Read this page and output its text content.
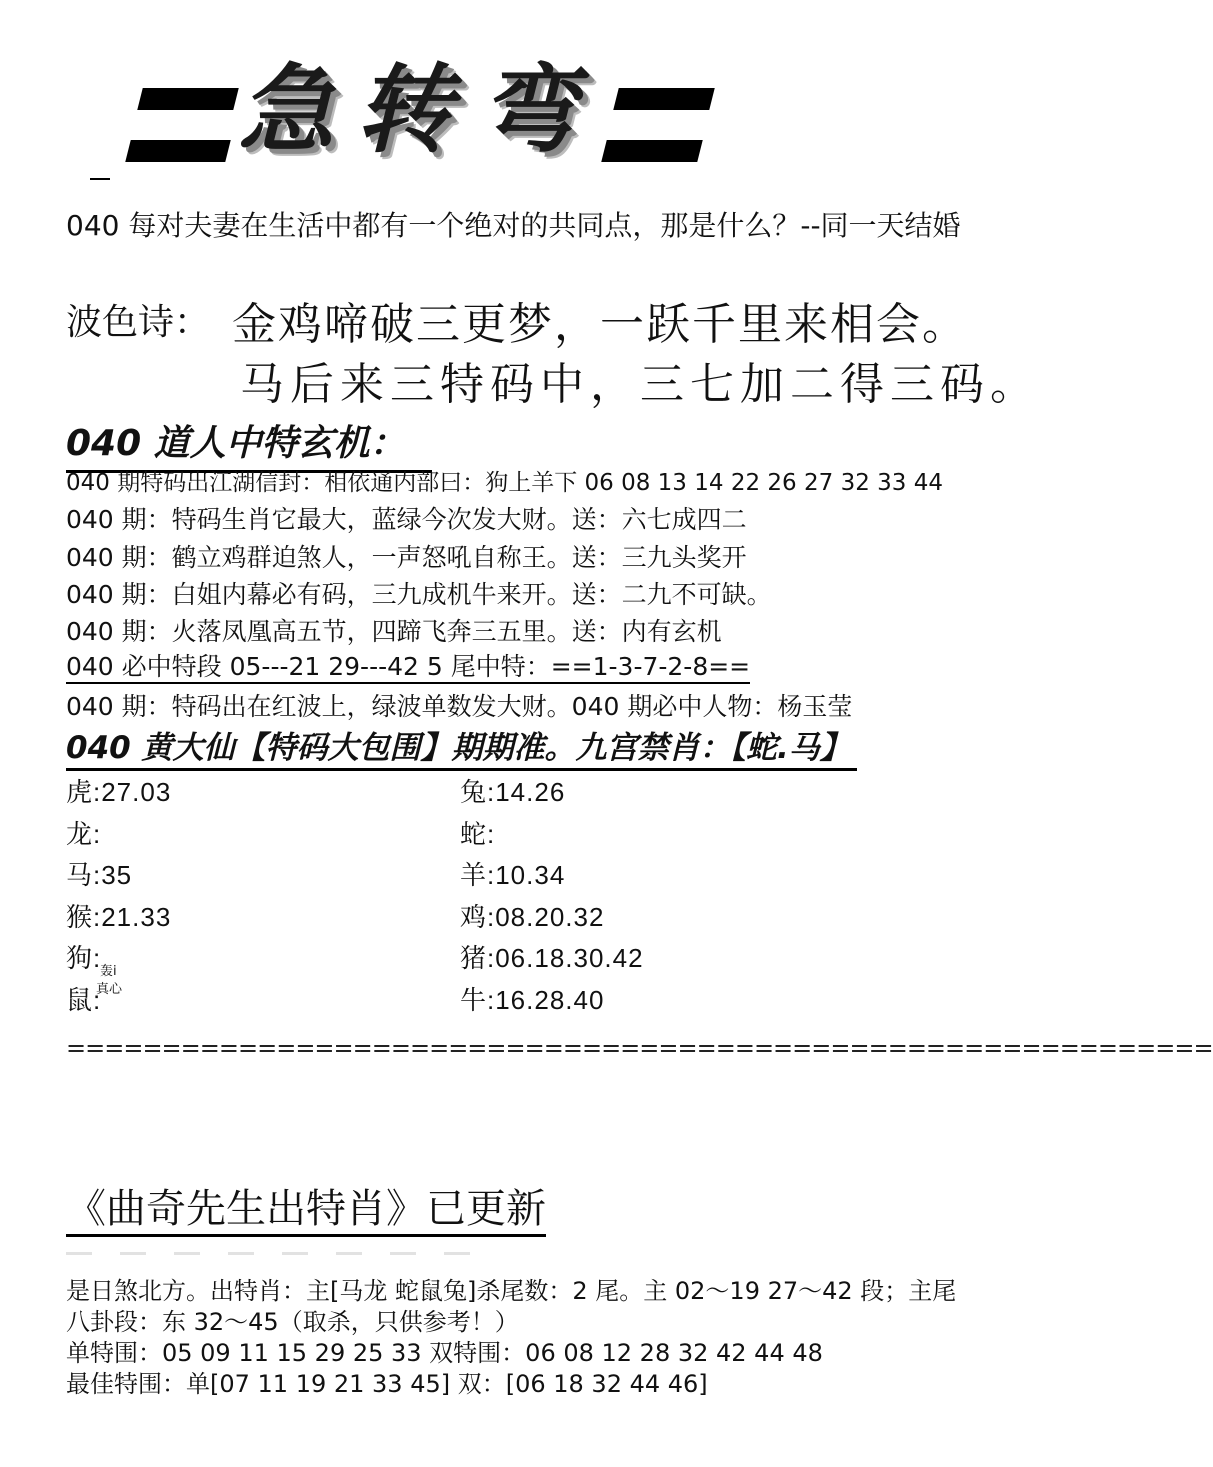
急 转 弯
040 每对夫妻在生活中都有一个绝对的共同点，那是什么？--同一天结婚
波色诗： 金鸡啼破三更梦，一跃千里来相会。
马后来三特码中，三七加二得三码。
040 道人中特玄机：
040 期特码出江湖信封：相依通内部曰：狗上羊下 06 08 13 14 22 26 27 32 33 44
040 期：特码生肖它最大，蓝绿今次发大财。送：六七成四二
040 期：鹤立鸡群迫煞人，一声怒吼自称王。送：三九头奖开
040 期：白姐内幕必有码，三九成机牛来开。送：二九不可缺。
040 期：火落凤凰高五节，四蹄飞奔三五里。送：内有玄机
040 必中特段 05---21 29---42 5 尾中特：==1-3-7-2-8==
040 期：特码出在红波上，绿波单数发大财。040 期必中人物：杨玉莹
040 黄大仙【特码大包围】期期准。九宫禁肖：【蛇.马】
虎:27.03
龙:
马:35
猴:21.33
狗:
鼠:
兔:14.26
蛇:
羊:10.34
鸡:08.20.32
猪:06.18.30.42
牛:16.28.40
轰i
真心
============================================================
《曲奇先生出特肖》已更新
是日煞北方。出特肖：主[马龙 蛇鼠兔]杀尾数：2 尾。主 02～19 27～42 段；主尾
八卦段：东 32～45（取杀，只供参考！）
单特围：05 09 11 15 29 25 33 双特围：06 08 12 28 32 42 44 48
最佳特围：单[07 11 19 21 33 45] 双：[06 18 32 44 46]
